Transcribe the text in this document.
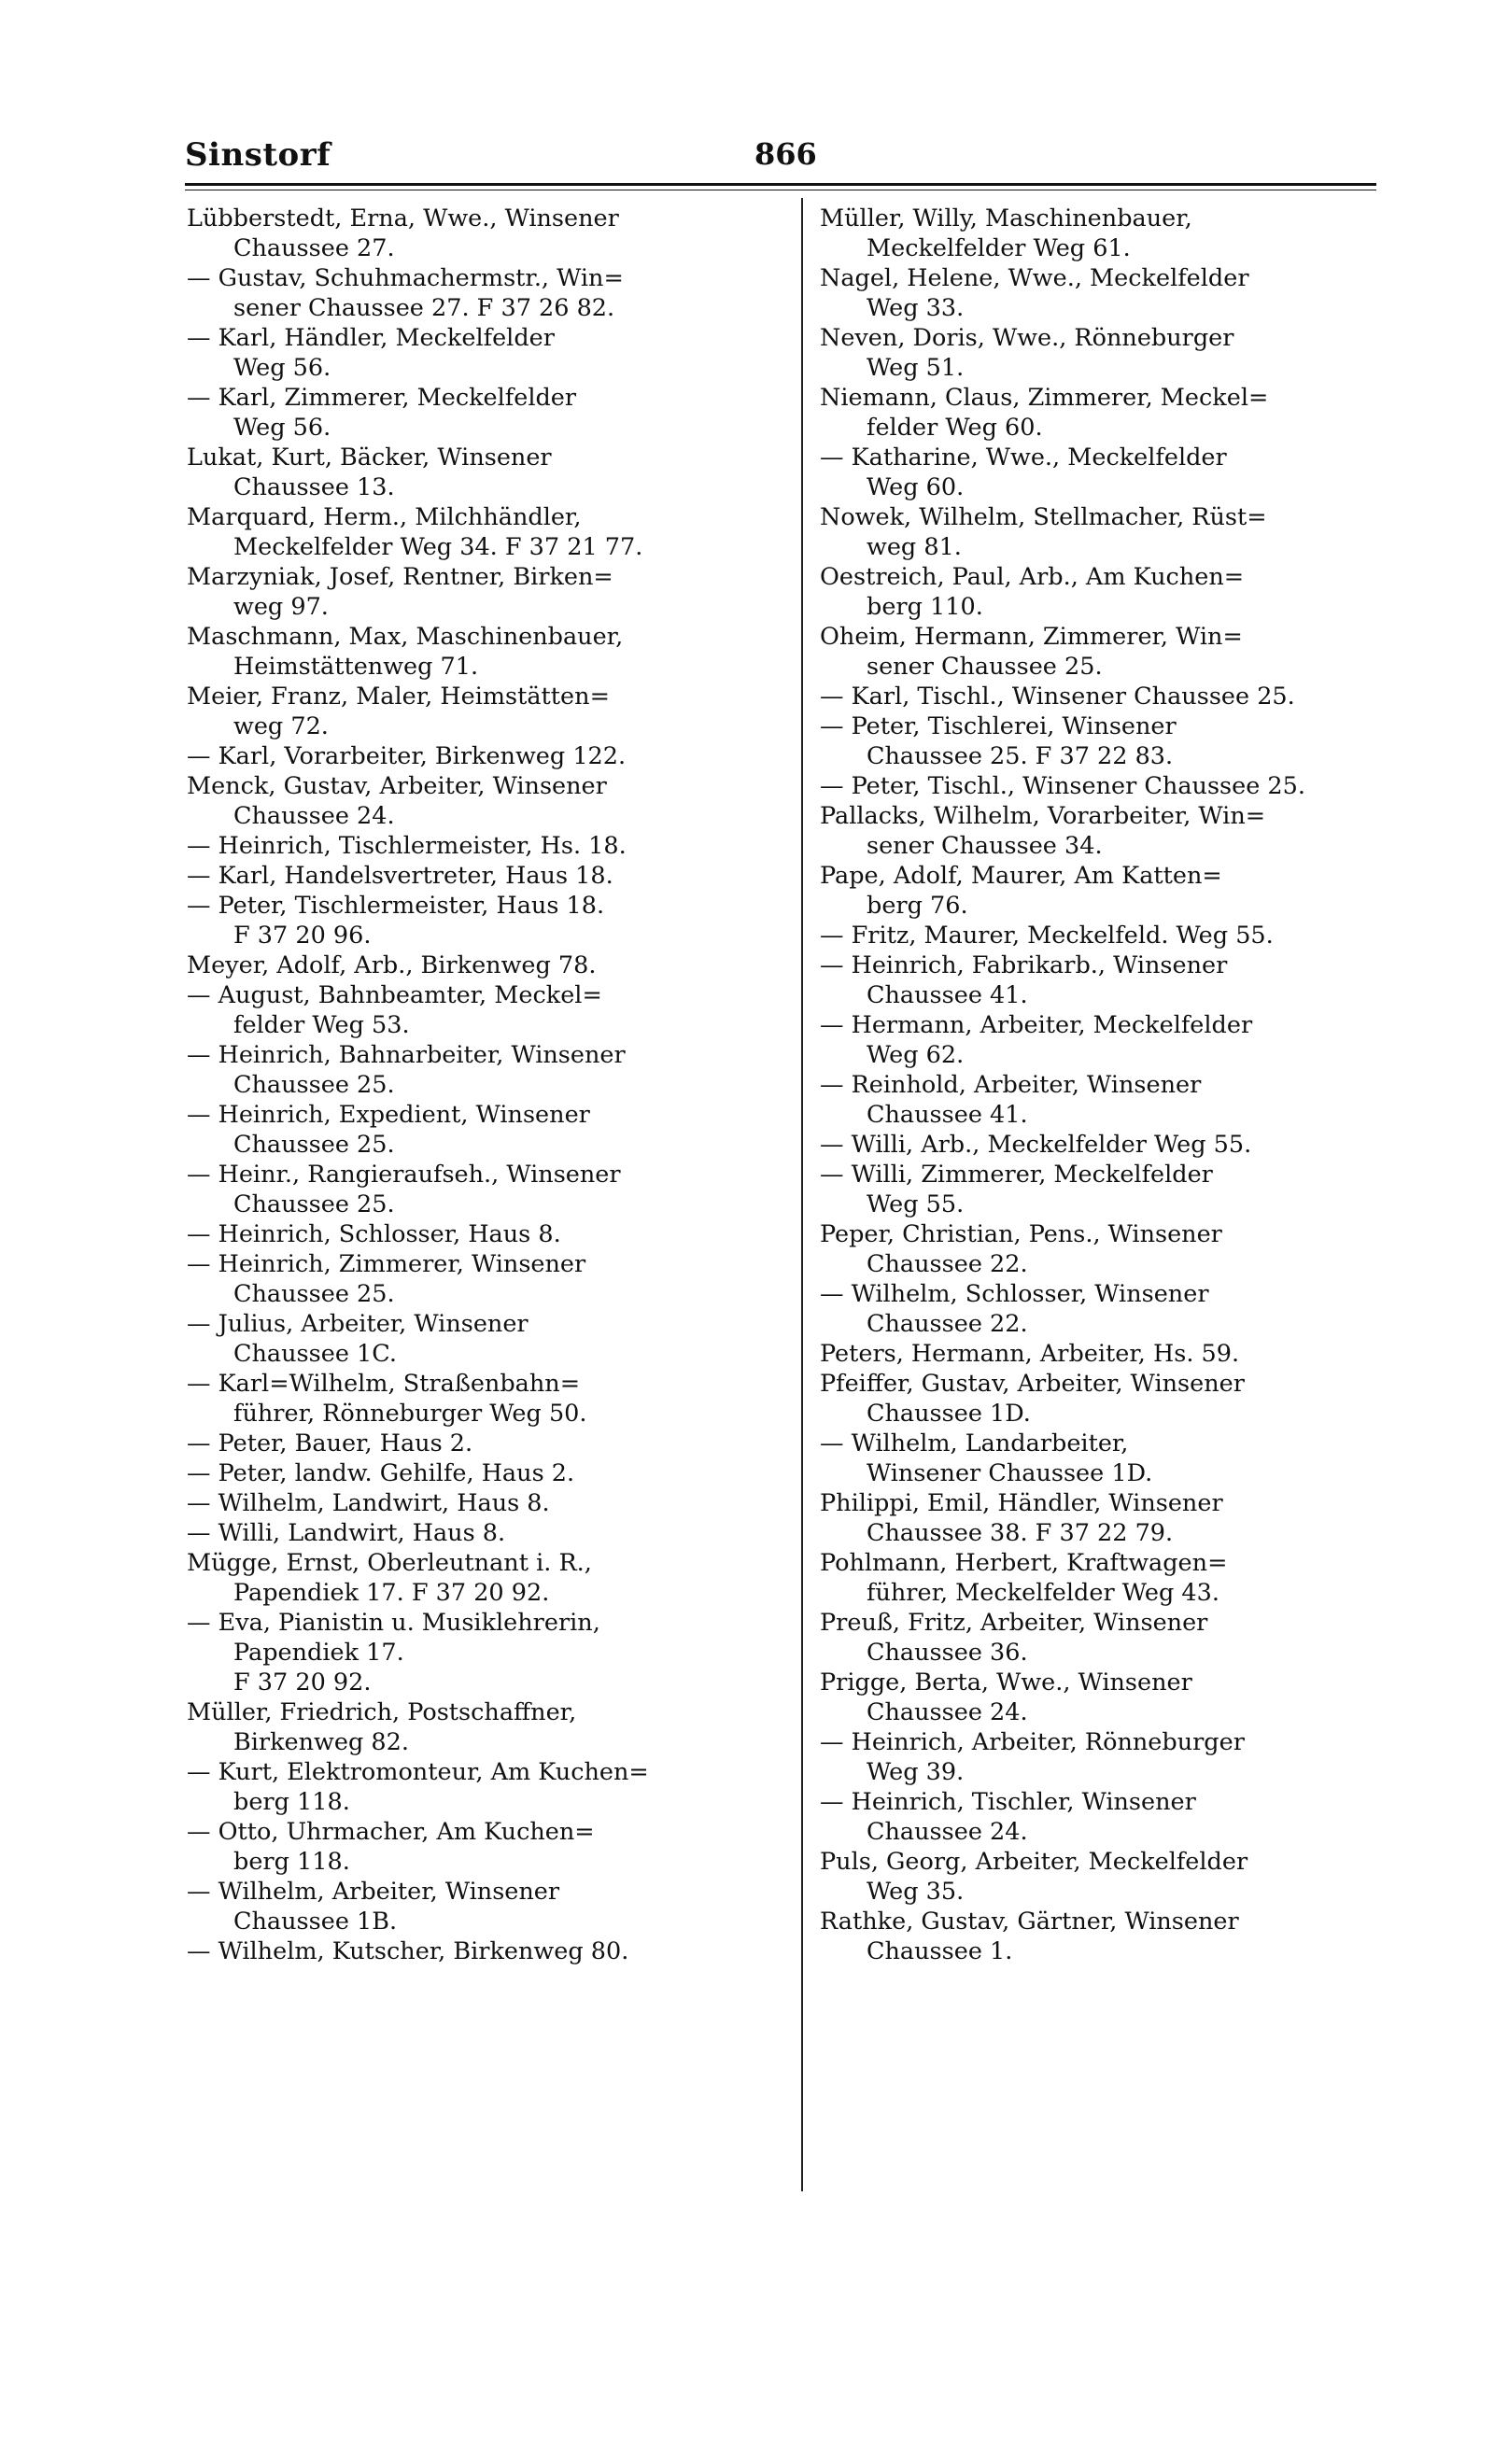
Sinstorf	866
Lübberstedt, Erna, Wwe., Winsener
Chaussee 27.
— Gustav, Schuhmachermstr., Win=
sener Chaussee 27. F 37 26 82.
— Karl, Händler, Meckelfelder
Weg 56.
— Karl, Zimmerer, Meckelfelder
Weg 56.
Lukat, Kurt, Bäcker, Winsener
Chaussee 13.
Marquard, Herm., Milchhändler,
Meckelfelder Weg 34. F 37 21 77.
Marzyniak, Josef, Rentner, Birken=
weg 97.
Maschmann, Max, Maschinenbauer,
Heimstättenweg 71.
Meier, Franz, Maler, Heimstätten=
weg 72.
— Karl, Vorarbeiter, Birkenweg 122.
Menck, Gustav, Arbeiter, Winsener
Chaussee 24.
— Heinrich, Tischlermeister, Hs. 18.
— Karl, Handelsvertreter, Haus 18.
— Peter, Tischlermeister, Haus 18.
F 37 20 96.
Meyer, Adolf, Arb., Birkenweg 78.
— August, Bahnbeamter, Meckel=
felder Weg 53.
— Heinrich, Bahnarbeiter, Winsener
Chaussee 25.
— Heinrich, Expedient, Winsener
Chaussee 25.
— Heinr., Rangieraufseh., Winsener
Chaussee 25.
— Heinrich, Schlosser, Haus 8.
— Heinrich, Zimmerer, Winsener
Chaussee 25.
— Julius, Arbeiter, Winsener
Chaussee 1C.
— Karl=Wilhelm, Straßenbahn=
führer, Rönneburger Weg 50.
— Peter, Bauer, Haus 2.
— Peter, landw. Gehilfe, Haus 2.
— Wilhelm, Landwirt, Haus 8.
— Willi, Landwirt, Haus 8.
Mügge, Ernst, Oberleutnant i. R.,
Papendiek 17. F 37 20 92.
— Eva, Pianistin u. Musiklehrerin,
Papendiek 17.
F 37 20 92.
Müller, Friedrich, Postschaffner,
Birkenweg 82.
— Kurt, Elektromonteur, Am Kuchen=
berg 118.
— Otto, Uhrmacher, Am Kuchen=
berg 118.
— Wilhelm, Arbeiter, Winsener
Chaussee 1B.
— Wilhelm, Kutscher, Birkenweg 80.
Müller, Willy, Maschinenbauer,
Meckelfelder Weg 61.
Nagel, Helene, Wwe., Meckelfelder
Weg 33.
Neven, Doris, Wwe., Rönneburger
Weg 51.
Niemann, Claus, Zimmerer, Meckel=
felder Weg 60.
— Katharine, Wwe., Meckelfelder
Weg 60.
Nowek, Wilhelm, Stellmacher, Rüst=
weg 81.
Oestreich, Paul, Arb., Am Kuchen=
berg 110.
Oheim, Hermann, Zimmerer, Win=
sener Chaussee 25.
— Karl, Tischl., Winsener Chaussee 25.
— Peter, Tischlerei, Winsener
Chaussee 25. F 37 22 83.
— Peter, Tischl., Winsener Chaussee 25.
Pallacks, Wilhelm, Vorarbeiter, Win=
sener Chaussee 34.
Pape, Adolf, Maurer, Am Katten=
berg 76.
— Fritz, Maurer, Meckelfeld. Weg 55.
— Heinrich, Fabrikarb., Winsener
Chaussee 41.
— Hermann, Arbeiter, Meckelfelder
Weg 62.
— Reinhold, Arbeiter, Winsener
Chaussee 41.
— Willi, Arb., Meckelfelder Weg 55.
— Willi, Zimmerer, Meckelfelder
Weg 55.
Peper, Christian, Pens., Winsener
Chaussee 22.
— Wilhelm, Schlosser, Winsener
Chaussee 22.
Peters, Hermann, Arbeiter, Hs. 59.
Pfeiffer, Gustav, Arbeiter, Winsener
Chaussee 1D.
— Wilhelm, Landarbeiter,
Winsener Chaussee 1D.
Philippi, Emil, Händler, Winsener
Chaussee 38. F 37 22 79.
Pohlmann, Herbert, Kraftwagen=
führer, Meckelfelder Weg 43.
Preuß, Fritz, Arbeiter, Winsener
Chaussee 36.
Prigge, Berta, Wwe., Winsener
Chaussee 24.
— Heinrich, Arbeiter, Rönneburger
Weg 39.
— Heinrich, Tischler, Winsener
Chaussee 24.
Puls, Georg, Arbeiter, Meckelfelder
Weg 35.
Rathke, Gustav, Gärtner, Winsener
Chaussee 1.
